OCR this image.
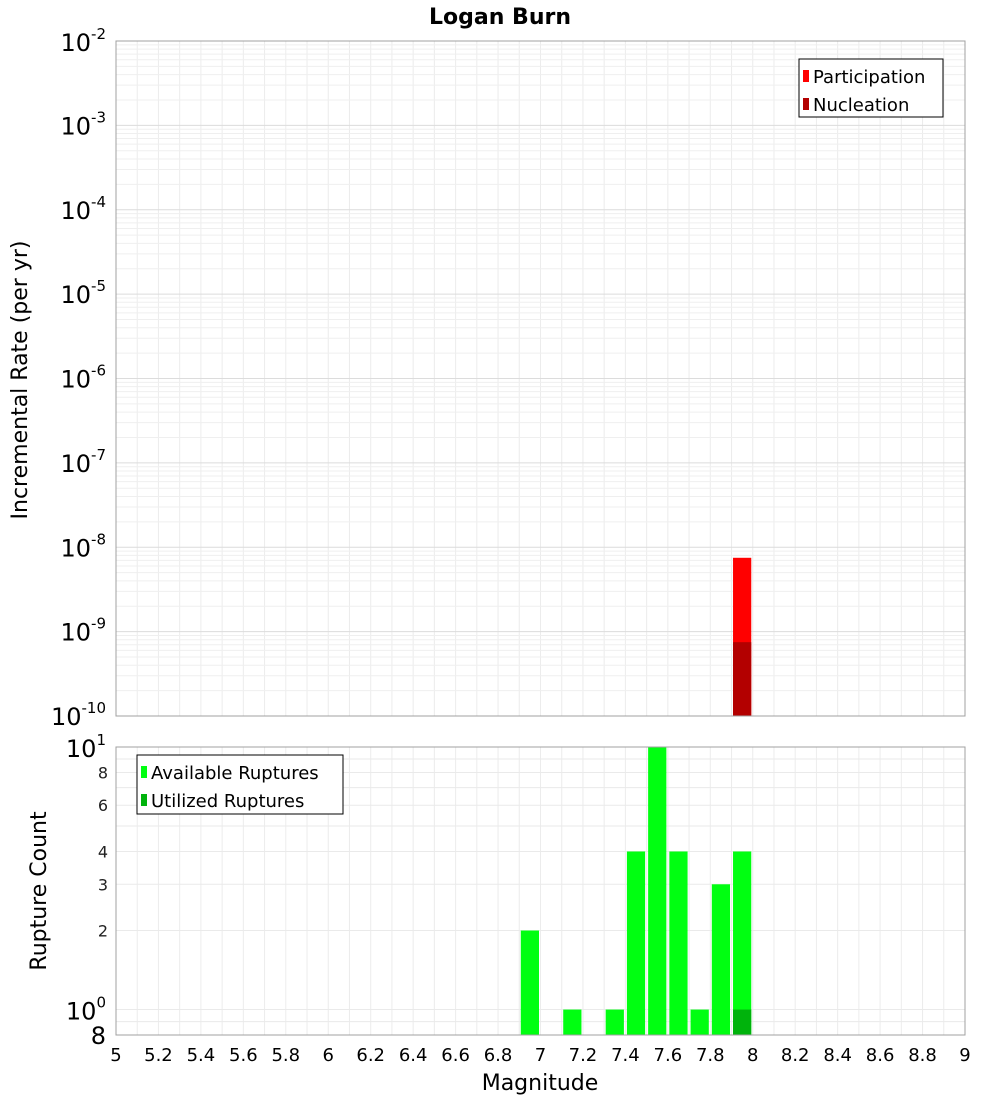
Logan Burn
Incremental Rate (per yr)
Rupture Count
Magnitude
$10^{-10}$
$10^{-9}$
$10^{-8}$
$10^{-7}$
$10^{-6}$
$10^{-5}$
$10^{-4}$
$10^{-3}$
$10^{-2}$
$10^1$
$10^0$
8
6
4
3
2
8
5 5.2 5.4 5.6 5.8 6 6.2 6.4 6.6 6.8 7 7.2 7.4 7.6 7.8 8 8.2 8.4 8.6 8.8 9
Participation
Nucleation
Available Ruptures
Utilized Ruptures
